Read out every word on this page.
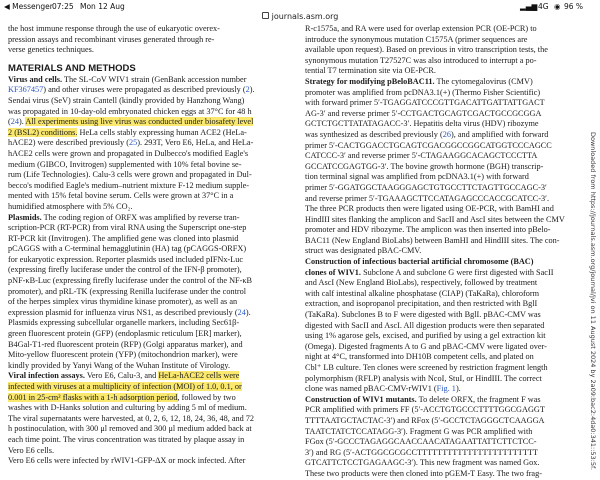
◀ Messenger 07:25 Mon 12 Aug	▂▄▆ 4G ◉ 96 %
journals.asm.org
the host immune response through the use of eukaryotic overex-
pression assays and recombinant viruses generated through re-
verse genetics techniques.
MATERIALS AND METHODS
Virus and cells. The SL-CoV WIV1 strain (GenBank accession number
KF367457) and other viruses were propagated as described previously (2).
Sendai virus (SeV) strain Cantell (kindly provided by Hanzhong Wang)
was propagated in 10-day-old embryonated chicken eggs at 37°C for 48 h
(24). All experiments using live virus was conducted under biosafety level
2 (BSL2) conditions. HeLa cells stably expressing human ACE2 (HeLa-
hACE2) were described previously (25). 293T, Vero E6, HeLa, and HeLa-
hACE2 cells were grown and propagated in Dulbecco's modified Eagle's
medium (GIBCO, Invitrogen) supplemented with 10% fetal bovine se-
rum (Life Technologies). Calu-3 cells were grown and propagated in Dul-
becco's modified Eagle's medium–nutrient mixture F-12 medium supple-
mented with 15% fetal bovine serum. Cells were grown at 37°C in a
humidified atmosphere with 5% CO₂.
Plasmids. The coding region of ORFX was amplified by reverse tran-
scription-PCR (RT-PCR) from viral RNA using the Superscript one-step
RT-PCR kit (Invitrogen). The amplified gene was cloned into plasmid
pCAGGS with a C-terminal hemagglutinin (HA) tag (pCAGGS-ORFX)
for eukaryotic expression. Reporter plasmids used included pIFNx-Luc
(expressing firefly luciferase under the control of the IFN-β promoter),
pNF-κB-Luc (expressing firefly luciferase under the control of the NF-κB
promoter), and pRL-TK (expressing Renilla luciferase under the control
of the herpes simplex virus thymidine kinase promoter), as well as an
expression plasmid for influenza virus NS1, as described previously (24).
Plasmids expressing subcellular organelle markers, including Sec61β-
green fluorescent protein (GFP) (endoplasmic reticulum [ER] marker),
B4Gal-T1-red fluorescent protein (RFP) (Golgi apparatus marker), and
Mito-yellow fluorescent protein (YFP) (mitochondrion marker), were
kindly provided by Yanyi Wang of the Wuhan Institute of Virology.
Viral infection assays. Vero E6, Calu-3, and HeLa-hACE2 cells were
infected with viruses at a multiplicity of infection (MOI) of 1.0, 0.1, or
0.001 in 25-cm² flasks with a 1-h adsorption period, followed by two
washes with D-Hanks solution and culturing by adding 5 ml of medium.
The viral supernatants were harvested, at 0, 2, 6, 12, 18, 24, 36, 48, and 72
h postinoculation, with 300 μl removed and 300 μl medium added back at
each time point. The virus concentration was titrated by plaque assay in
Vero E6 cells.
Vero E6 cells were infected by rWIV1-GFP-ΔX or mock infected. After
R-c1575a, and RA were used for overlap extension PCR (OE-PCR) to
introduce the synonymous mutation C1575A (primer sequences are
available upon request). Based on previous in vitro transcription tests, the
synonymous mutation T27527C was also introduced to interrupt a po-
tential T7 termination site via OE-PCR.
Strategy for modifying pBeloBAC11. The cytomegalovirus (CMV)
promoter was amplified from pcDNA3.1(+) (Thermo Fisher Scientific)
with forward primer 5′-TGAGGATCCCGTTGACATTGATTATTGACT
AG-3′ and reverse primer 5′-CCTGACTGCAGTCGACTGCCGCGGA
GCTCTGCTTATATAGACC-3′. Hepatitis delta virus (HDV) ribozyme
was synthesized as described previously (26), and amplified with forward
primer 5′-CACTGGACCTGCAGTCGACGGCCGGCATGGTCCCAGCC
CATCCC-3′ and reverse primer 5′-CTAGAAGGCACAGCTCCCTTA
GCCATCCGAGTGG-3′. The bovine growth hormone (BGH) transcrip-
tion terminal signal was amplified from pcDNA3.1(+) with forward
primer 5′-GGATGGCTAAGGGAGCTGTGCCTTCTAGTTGCCAGC-3′
and reverse primer 5′-TGAAAGCTTCCATAGAGCCCACCGCATCC-3′.
The three PCR products then were ligated using OE-PCR, with BamHI and
HindIII sites flanking the amplicon and SacII and AscI sites between the CMV
promoter and HDV ribozyme. The amplicon was then inserted into pBelo-
BAC11 (New England BioLabs) between BamHI and HindIII sites. The con-
struct was designated pBAC-CMV.
Construction of infectious bacterial artificial chromosome (BAC)
clones of WIV1. Subclone A and subclone G were first digested with SacII
and AscI (New England BioLabs), respectively, followed by treatment
with calf intestinal alkaline phosphatase (CIAP) (TaKaRa), chloroform
extraction, and isopropanol precipitation, and then restricted with BglI
(TaKaRa). Subclones B to F were digested with BglI. pBAC-CMV was
digested with SacII and AscI. All digestion products were then separated
using 1% agarose gels, excised, and purified by using a gel extraction kit
(Omega). Digested fragments A to G and pBAC-CMV were ligated over-
night at 4°C, transformed into DH10B competent cells, and plated on
Cbl⁺ LB culture. Ten clones were screened by restriction fragment length
polymorphism (RFLP) analysis with NcoI, StuI, or HindIII. The correct
clone was named pBAC-CMV-rWIV1 (Fig. 1).
Construction of WIV1 mutants. To delete ORFX, the fragment F was
PCR amplified with primers FF (5′-ACCTGTGCCCTTTTGGCGAGGT
TTTTAATGCTACTAC-3′) and RFox (5′-GCCTCTAGGGCTCAAGGA
TAATCTATCTCCATAGG-3′). Fragment G was PCR amplified with
FGox (5′-GCCCTAGAGGCAACCAACATAGAATTATTCTTCTCC-
3′) and RG (5′-ACTGGCGCGCCTTTTTTTTTTTTTTTTTTTTTTTT
GTCATTCTCCTGAGAAGC-3′). This new fragment was named Gox.
These two products were then cloned into pGEM-T Easy. The two frag-
Downloaded from https://journals.asm.org/journal/jvi on 11 August 2024 by 2a09:bac2:4da0:341::53:5f.
